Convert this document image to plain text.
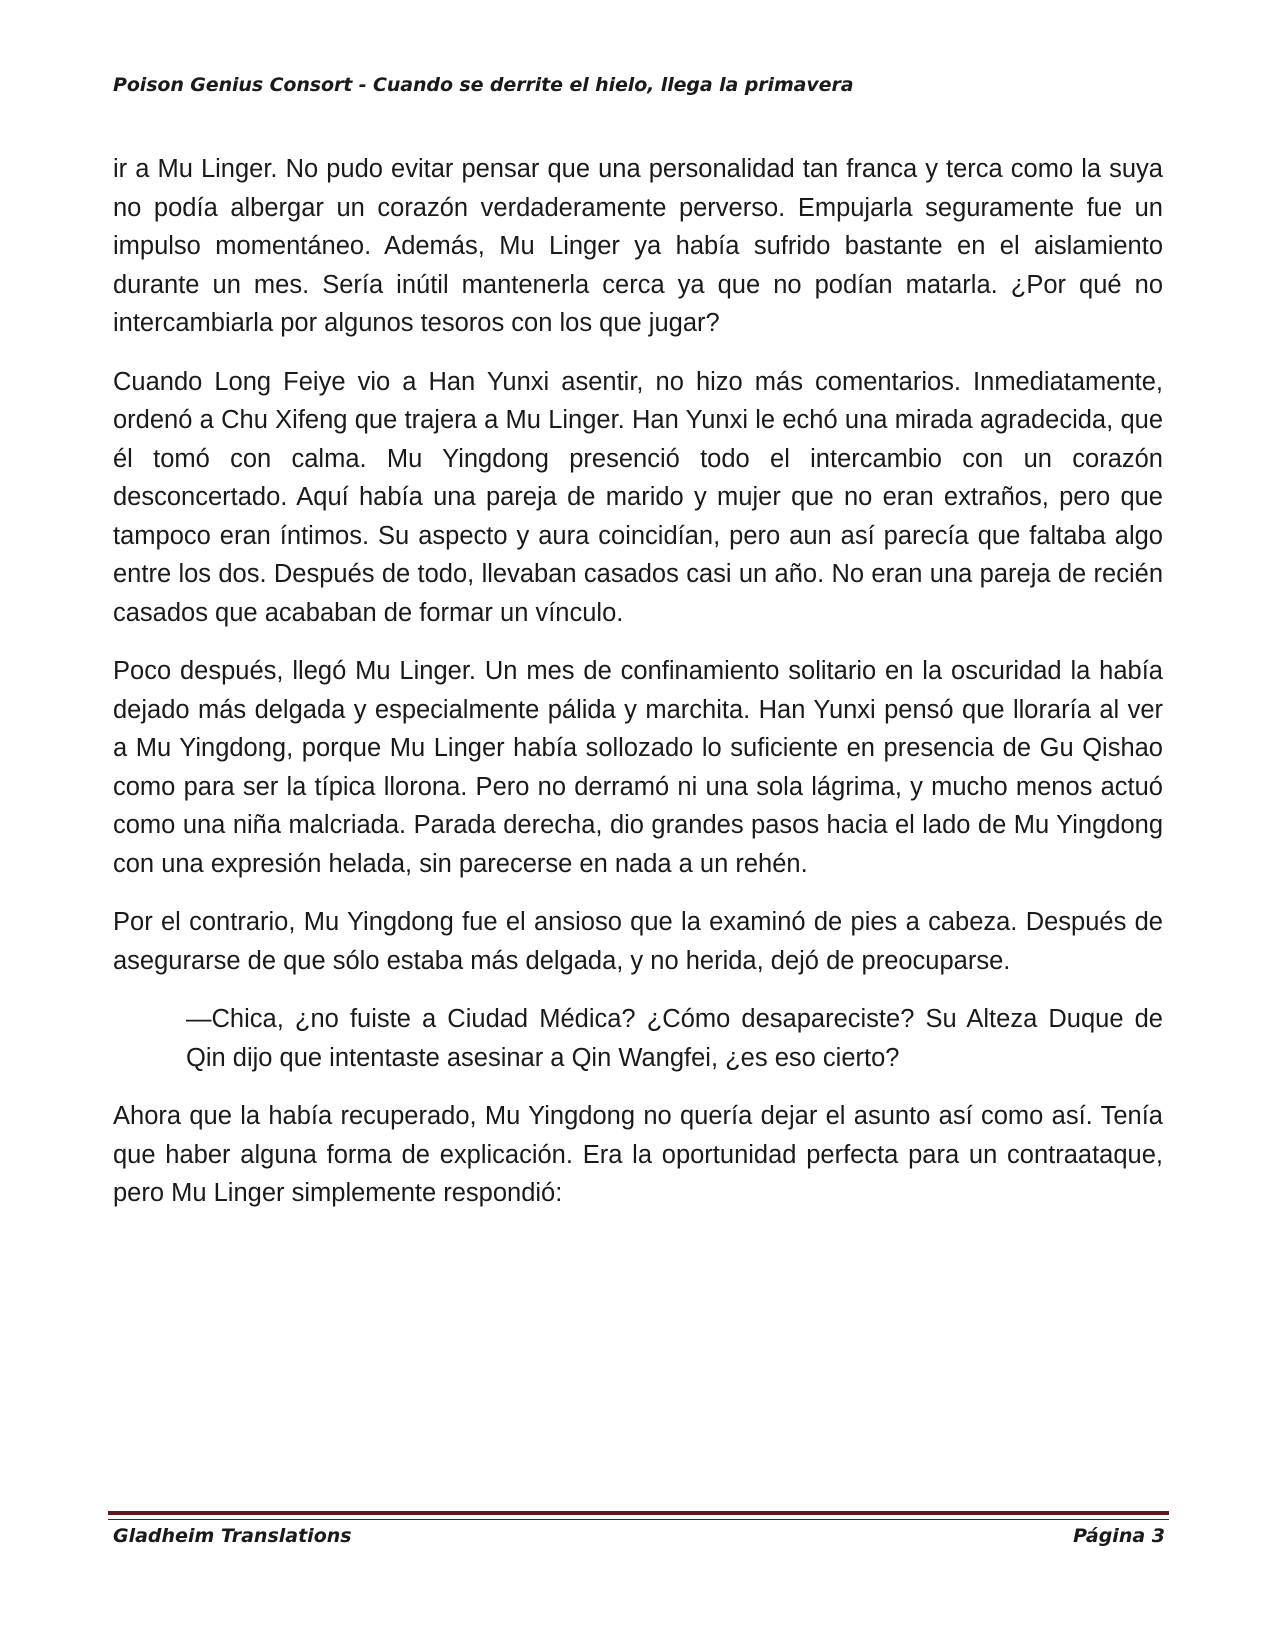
Poison Genius Consort - Cuando se derrite el hielo, llega la primavera

ir a Mu Linger. No pudo evitar pensar que una personalidad tan franca y terca como la suya no podía albergar un corazón verdaderamente perverso. Empujarla seguramente fue un impulso momentáneo. Además, Mu Linger ya había sufrido bastante en el aislamiento durante un mes. Sería inútil mantenerla cerca ya que no podían matarla. ¿Por qué no intercambiarla por algunos tesoros con los que jugar?

Cuando Long Feiye vio a Han Yunxi asentir, no hizo más comentarios. Inmediatamente, ordenó a Chu Xifeng que trajera a Mu Linger. Han Yunxi le echó una mirada agradecida, que él tomó con calma. Mu Yingdong presenció todo el intercambio con un corazón desconcertado. Aquí había una pareja de marido y mujer que no eran extraños, pero que tampoco eran íntimos. Su aspecto y aura coincidían, pero aun así parecía que faltaba algo entre los dos. Después de todo, llevaban casados casi un año. No eran una pareja de recién casados que acababan de formar un vínculo.

Poco después, llegó Mu Linger. Un mes de confinamiento solitario en la oscuridad la había dejado más delgada y especialmente pálida y marchita. Han Yunxi pensó que lloraría al ver a Mu Yingdong, porque Mu Linger había sollozado lo suficiente en presencia de Gu Qishao como para ser la típica llorona. Pero no derramó ni una sola lágrima, y mucho menos actuó como una niña malcriada. Parada derecha, dio grandes pasos hacia el lado de Mu Yingdong con una expresión helada, sin parecerse en nada a un rehén.

Por el contrario, Mu Yingdong fue el ansioso que la examinó de pies a cabeza. Después de asegurarse de que sólo estaba más delgada, y no herida, dejó de preocuparse.

—Chica, ¿no fuiste a Ciudad Médica? ¿Cómo desapareciste? Su Alteza Duque de Qin dijo que intentaste asesinar a Qin Wangfei, ¿es eso cierto?

Ahora que la había recuperado, Mu Yingdong no quería dejar el asunto así como así. Tenía que haber alguna forma de explicación. Era la oportunidad perfecta para un contraataque, pero Mu Linger simplemente respondió:

Gladheim Translations	Página 3
